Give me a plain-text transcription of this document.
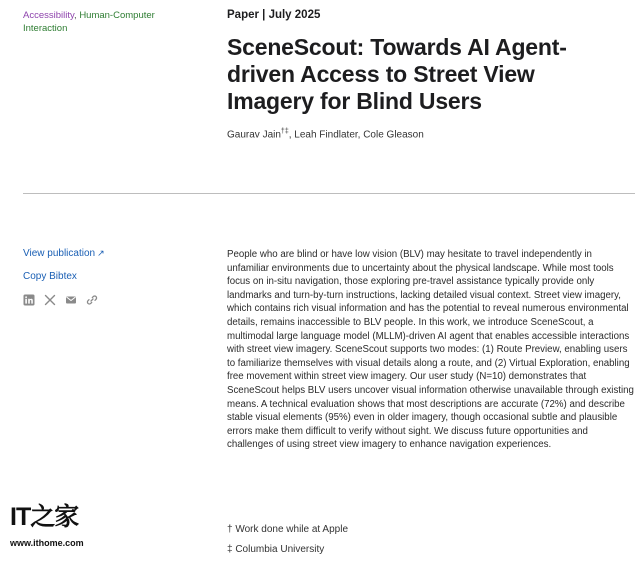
Accessibility, Human-Computer Interaction
Paper | July 2025
SceneScout: Towards AI Agent-driven Access to Street View Imagery for Blind Users
Gaurav Jain†‡, Leah Findlater, Cole Gleason
View publication ↗
Copy Bibtex

People who are blind or have low vision (BLV) may hesitate to travel independently in unfamiliar environments due to uncertainty about the physical landscape. While most tools focus on in-situ navigation, those exploring pre-travel assistance typically provide only landmarks and turn-by-turn instructions, lacking detailed visual context. Street view imagery, which contains rich visual information and has the potential to reveal numerous environmental details, remains inaccessible to BLV people. In this work, we introduce SceneScout, a multimodal large language model (MLLM)-driven AI agent that enables accessible interactions with street view imagery. SceneScout supports two modes: (1) Route Preview, enabling users to familiarize themselves with visual details along a route, and (2) Virtual Exploration, enabling free movement within street view imagery. Our user study (N=10) demonstrates that SceneScout helps BLV users uncover visual information otherwise unavailable through existing means. A technical evaluation shows that most descriptions are accurate (72%) and describe stable visual elements (95%) even in older imagery, though occasional subtle and plausible errors make them difficult to verify without sight. We discuss future opportunities and challenges of using street view imagery to enhance navigation experiences.

† Work done while at Apple
‡ Columbia University
IT之家
www.ithome.com
